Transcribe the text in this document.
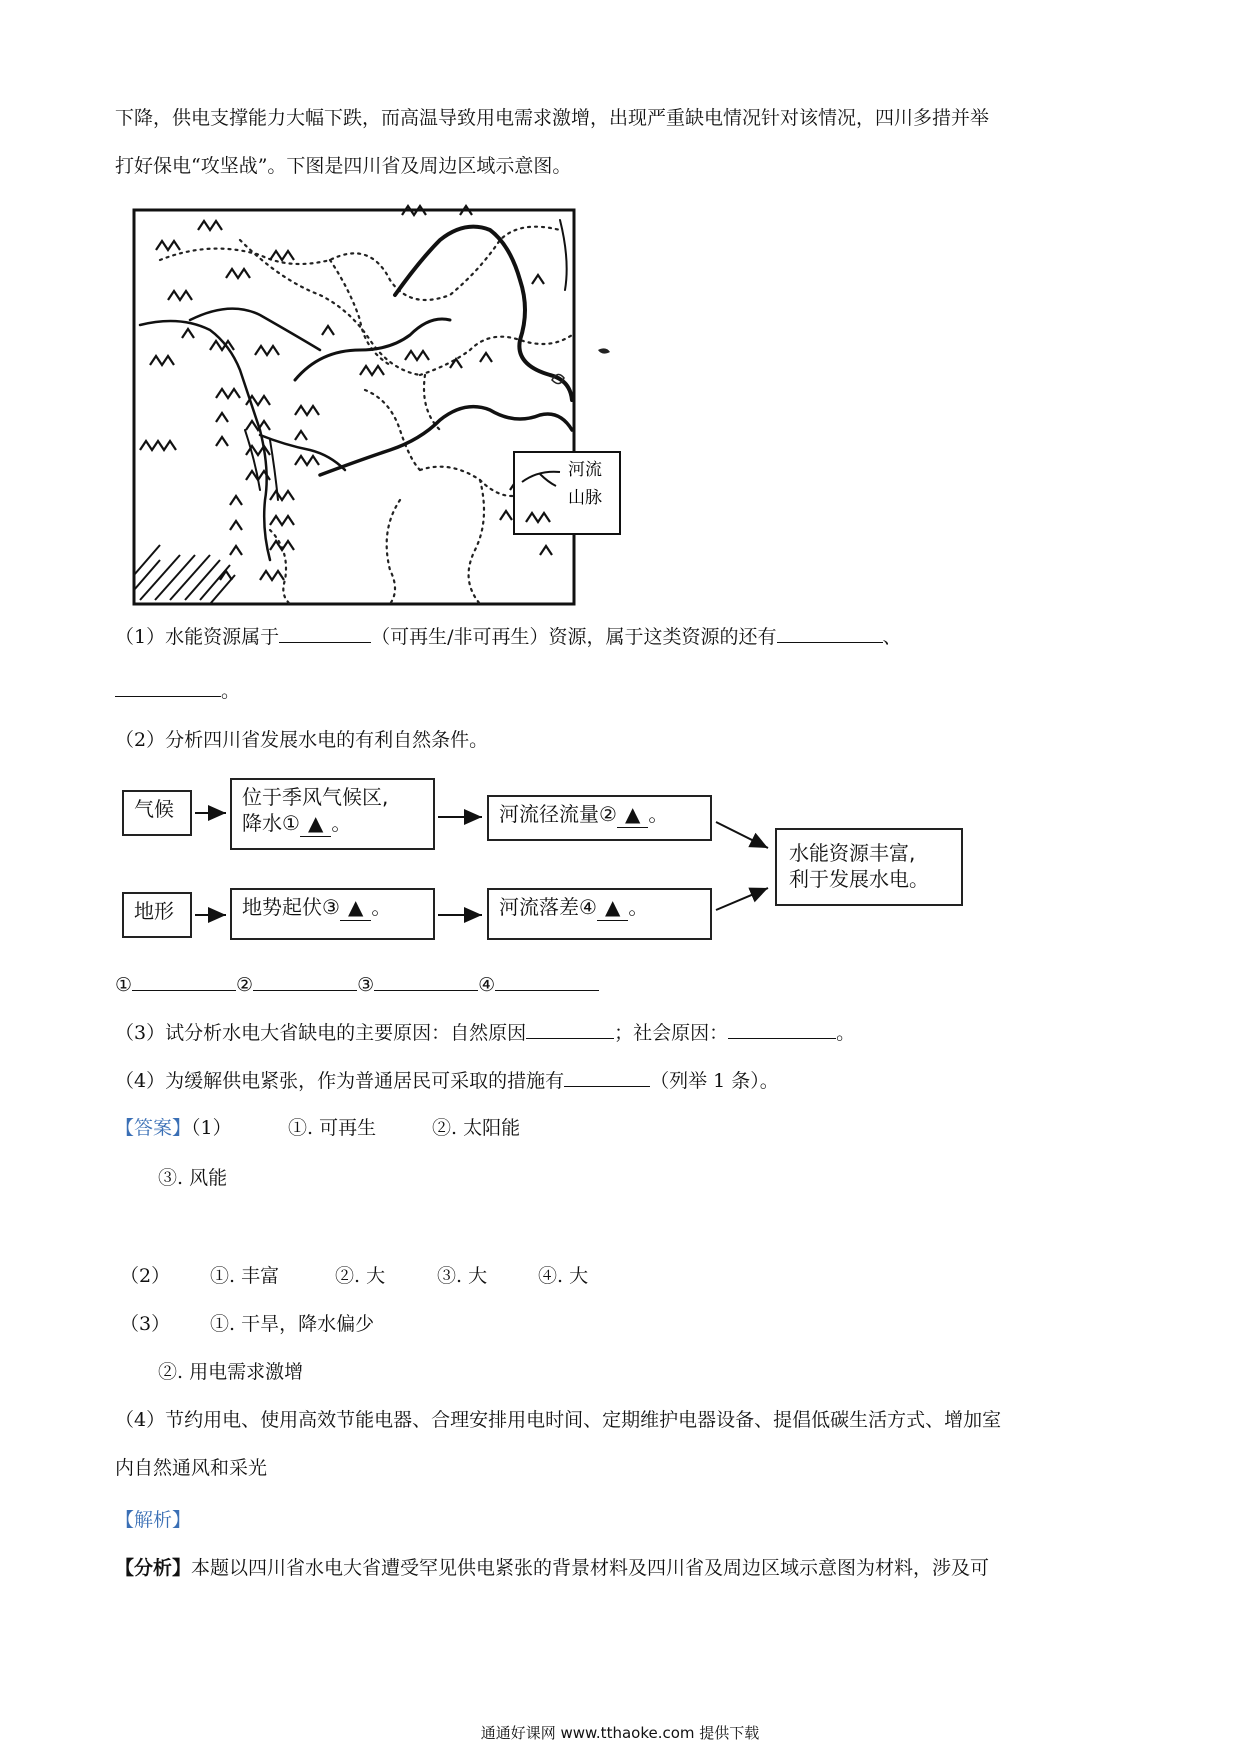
下降，供电支撑能力大幅下跌，而高温导致用电需求激增，出现严重缺电情况针对该情况，四川多措并举
打好保电“攻坚战”。下图是四川省及周边区域示意图。
河流
山脉
（1）水能资源属于	（可再生/非可再生）资源，属于这类资源的还有	、
。
（2）分析四川省发展水电的有利自然条件。
气候	位于季风气候区,
降水① ▲ 。	河流径流量② ▲ 。
地形	地势起伏③ ▲ 。	河流落差④ ▲ 。
水能资源丰富,
利于发展水电。
①	②	③	④
（3）试分析水电大省缺电的主要原因：自然原因	；社会原因：	。
（4）为缓解供电紧张，作为普通居民可采取的措施有	（列举 1 条）。
【答案】（1）	①. 可再生	②. 太阳能
③. 风能
（2） ①. 丰富	②. 大	③. 大	④. 大
（3） ①. 干旱，降水偏少
②. 用电需求激增
（4）节约用电、使用高效节能电器、合理安排用电时间、定期维护电器设备、提倡低碳生活方式、增加室
内自然通风和采光
【解析】
【分析】本题以四川省水电大省遭受罕见供电紧张的背景材料及四川省及周边区域示意图为材料，涉及可
通通好课网 www.tthaoke.com 提供下载
